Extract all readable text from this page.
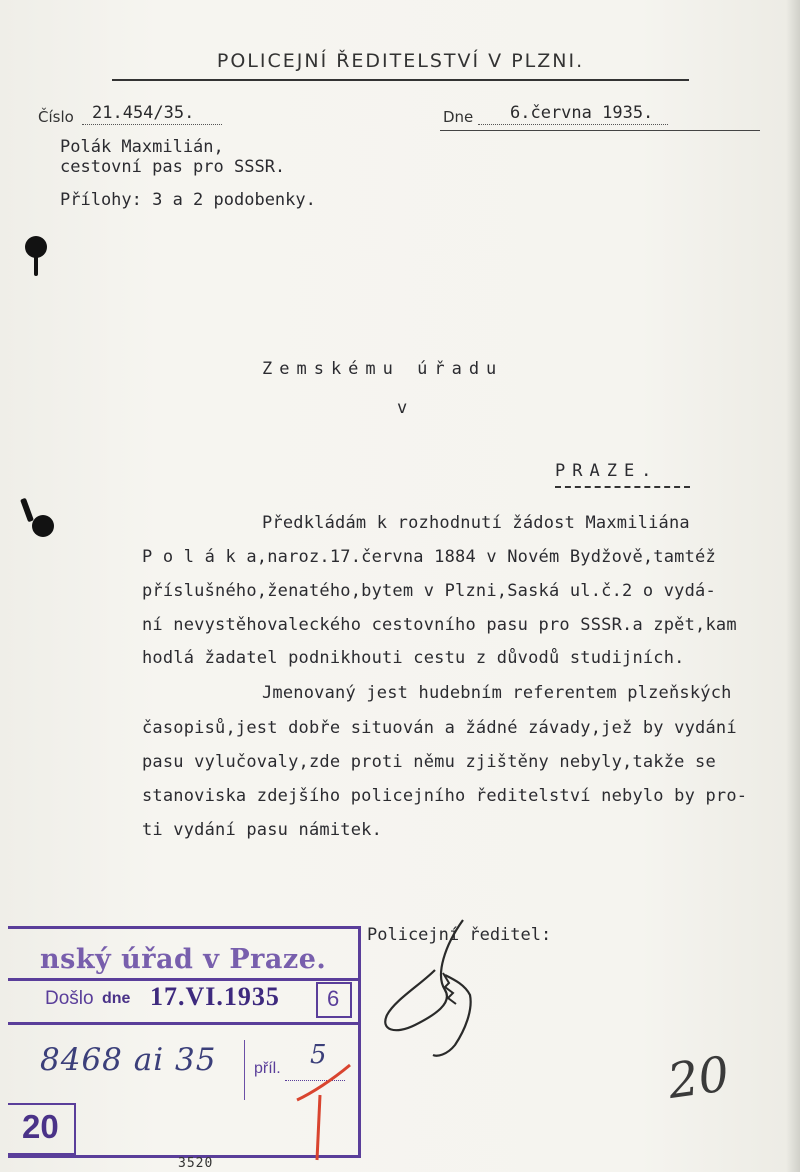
POLICEJNÍ ŘEDITELSTVÍ V PLZNI.
Číslo 21.454/35.	Dne 6.června 1935.
Polák Maxmilián,
cestovní pas pro SSSR.
Přílohy: 3 a 2 podobenky.
Zemskému úřadu
v
PRAZE.
Předkládám k rozhodnutí žádost Maxmiliána
P o l á k a,naroz.17.června 1884 v Novém Bydžově,tamtéž
příslušného,ženatého,bytem v Plzni,Saská ul.č.2 o vydá-
ní nevystěhovaleckého cestovního pasu pro SSSR.a zpět,kam
hodlá žadatel podnikhouti cestu z důvodů studijních.
Jmenovaný jest hudebním referentem plzeňských
časopisů,jest dobře situován a žádné závady,jež by vydání
pasu vylučovaly,zde proti němu zjištěny nebyly,takže se
stanoviska zdejšího policejního ředitelství nebylo by pro-
ti vydání pasu námitek.
Policejní ředitel:
nský úřad v Praze.
Došlo dne 17.VI.1935 6
8468 ai 35 příl. 5
20
3520
20
